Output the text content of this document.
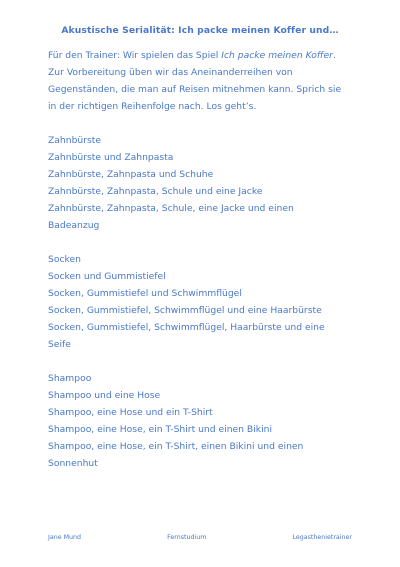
Akustische Serialität: Ich packe meinen Koffer und…

Für den Trainer: Wir spielen das Spiel Ich packe meinen Koffer.
Zur Vorbereitung üben wir das Aneinanderreihen von
Gegenständen, die man auf Reisen mitnehmen kann. Sprich sie
in der richtigen Reihenfolge nach. Los geht’s.

Zahnbürste
Zahnbürste und Zahnpasta
Zahnbürste, Zahnpasta und Schuhe
Zahnbürste, Zahnpasta, Schule und eine Jacke
Zahnbürste, Zahnpasta, Schule, eine Jacke und einen
Badeanzug
Socken
Socken und Gummistiefel
Socken, Gummistiefel und Schwimmflügel
Socken, Gummistiefel, Schwimmflügel und eine Haarbürste
Socken, Gummistiefel, Schwimmflügel, Haarbürste und eine
Seife
Shampoo
Shampoo und eine Hose
Shampoo, eine Hose und ein T-Shirt
Shampoo, eine Hose, ein T-Shirt und einen Bikini
Shampoo, eine Hose, ein T-Shirt, einen Bikini und einen
Sonnenhut
Jane Mund	Fernstudium	Legasthenietrainer
